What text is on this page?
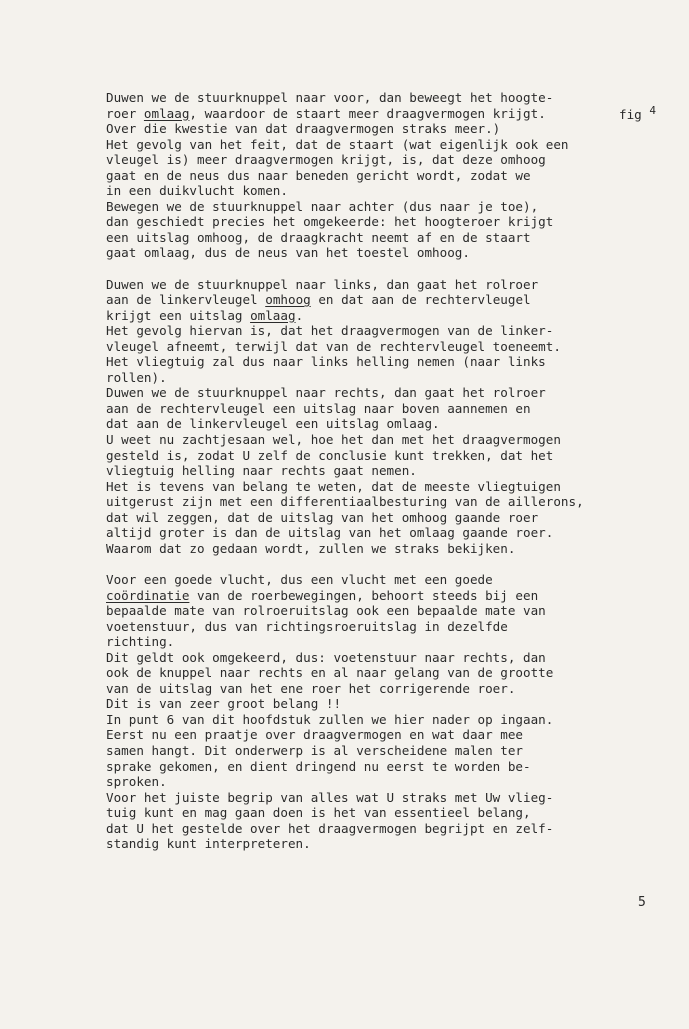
Duwen we de stuurknuppel naar voor, dan beweegt het hoogte-
roer omlaag, waardoor de staart meer draagvermogen krijgt.
Over die kwestie van dat draagvermogen straks meer.)
Het gevolg van het feit, dat de staart (wat eigenlijk ook een
vleugel is) meer draagvermogen krijgt, is, dat deze omhoog
gaat en de neus dus naar beneden gericht wordt, zodat we
in een duikvlucht komen.
Bewegen we de stuurknuppel naar achter (dus naar je toe),
dan geschiedt precies het omgekeerde: het hoogteroer krijgt
een uitslag omhoog, de draagkracht neemt af en de staart
gaat omlaag, dus de neus van het toestel omhoog.
Duwen we de stuurknuppel naar links, dan gaat het rolroer
aan de linkervleugel omhoog en dat aan de rechtervleugel
krijgt een uitslag omlaag.
Het gevolg hiervan is, dat het draagvermogen van de linker-
vleugel afneemt, terwijl dat van de rechtervleugel toeneemt.
Het vliegtuig zal dus naar links helling nemen (naar links
rollen).
Duwen we de stuurknuppel naar rechts, dan gaat het rolroer
aan de rechtervleugel een uitslag naar boven aannemen en
dat aan de linkervleugel een uitslag omlaag.
U weet nu zachtjesaan wel, hoe het dan met het draagvermogen
gesteld is, zodat U zelf de conclusie kunt trekken, dat het
vliegtuig helling naar rechts gaat nemen.
Het is tevens van belang te weten, dat de meeste vliegtuigen
uitgerust zijn met een differentiaalbesturing van de aillerons,
dat wil zeggen, dat de uitslag van het omhoog gaande roer
altijd groter is dan de uitslag van het omlaag gaande roer.
Waarom dat zo gedaan wordt, zullen we straks bekijken.
Voor een goede vlucht, dus een vlucht met een goede
coördinatie van de roerbewegingen, behoort steeds bij een
bepaalde mate van rolroeruitslag ook een bepaalde mate van
voetenstuur, dus van richtingsroeruitslag in dezelfde
richting.
Dit geldt ook omgekeerd, dus: voetenstuur naar rechts, dan
ook de knuppel naar rechts en al naar gelang van de grootte
van de uitslag van het ene roer het corrigerende roer.
Dit is van zeer groot belang !!
In punt 6 van dit hoofdstuk zullen we hier nader op ingaan.
Eerst nu een praatje over draagvermogen en wat daar mee
samen hangt. Dit onderwerp is al verscheidene malen ter
sprake gekomen, en dient dringend nu eerst te worden be-
sproken.
Voor het juiste begrip van alles wat U straks met Uw vlieg-
tuig kunt en mag gaan doen is het van essentieel belang,
dat U het gestelde over het draagvermogen begrijpt en zelf-
standig kunt interpreteren.
fig 4
5
